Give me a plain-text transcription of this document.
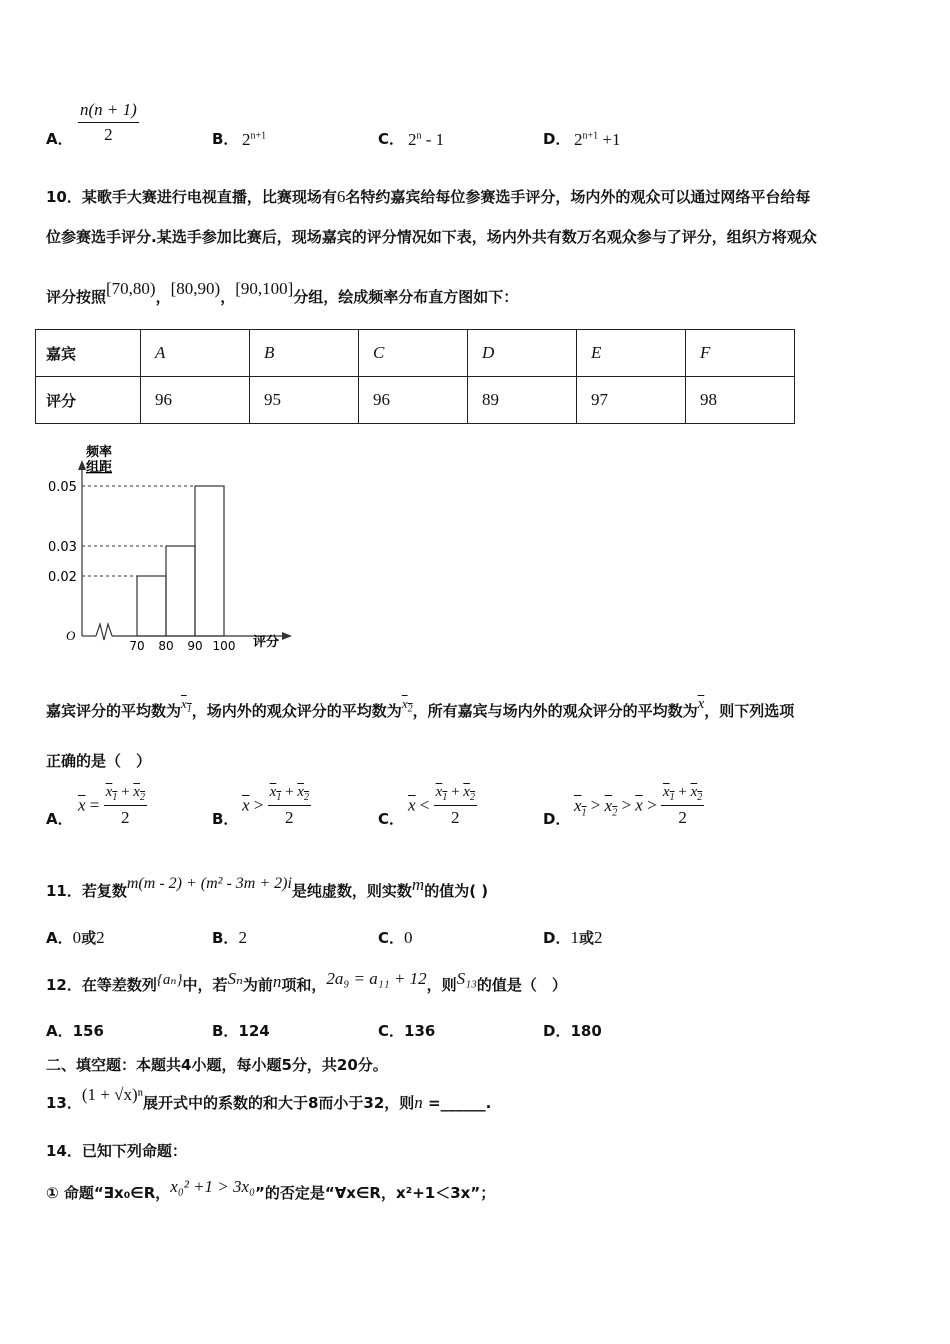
A． $\frac{n(n + 1)}{2}$	B． $2^{n+1}$	C． 2$^n$ - 1	D． $2^{n+1} +1$
10．某歌手大赛进行电视直播，比赛现场有6名特约嘉宾给每位参赛选手评分，场内外的观众可以通过网络平台给每
位参赛选手评分.某选手参加比赛后，现场嘉宾的评分情况如下表，场内外共有数万名观众参与了评分，组织方将观众
评分按照[70,80)，[80,90)，[90,100]分组，绘成频率分布直方图如下：
嘉宾	A	B	C	D	E	F
评分	96	95	96	89	97	98
频率
组距
O	评分
0.02
0.03
0.05
70 80 90 100
嘉宾评分的平均数为$x_1$，场内外的观众评分的平均数为$x_2$，所有嘉宾与场内外的观众评分的平均数为$\overline{x}$，则下列选项
正确的是（　）
A．
$\overline{x} = \frac{x_1 + x_2}{2}$	B．
$\overline{x} > \frac{x_1 + x_2}{2}$	C．
$\overline{x} < \frac{x_1 + x_2}{2}$	D．
$x_1 > x_2 > \overline{x} > \frac{x_1 + x_2}{2}$
11．若复数m(m - 2) + (m² - 3m + 2)i是纯虚数，则实数m的值为( )
A．0或2	B．2	C．0	D．1或2
12．在等差数列{aₙ}中，若Sₙ为前n项和，2a₉ = a₁₁ + 12，则S₁₃的值是（　）
A．156	B．124	C．136	D．180
二、填空题：本题共4小题，每小题5分，共20分。
13．(1 + √x)ⁿ展开式中的系数的和大于8而小于32，则n =______.
14．已知下列命题：
① 命题“∃x₀∈R，x₀² +1 > 3x₀”的否定是“∀x∈R，x²+1＜3x”；
